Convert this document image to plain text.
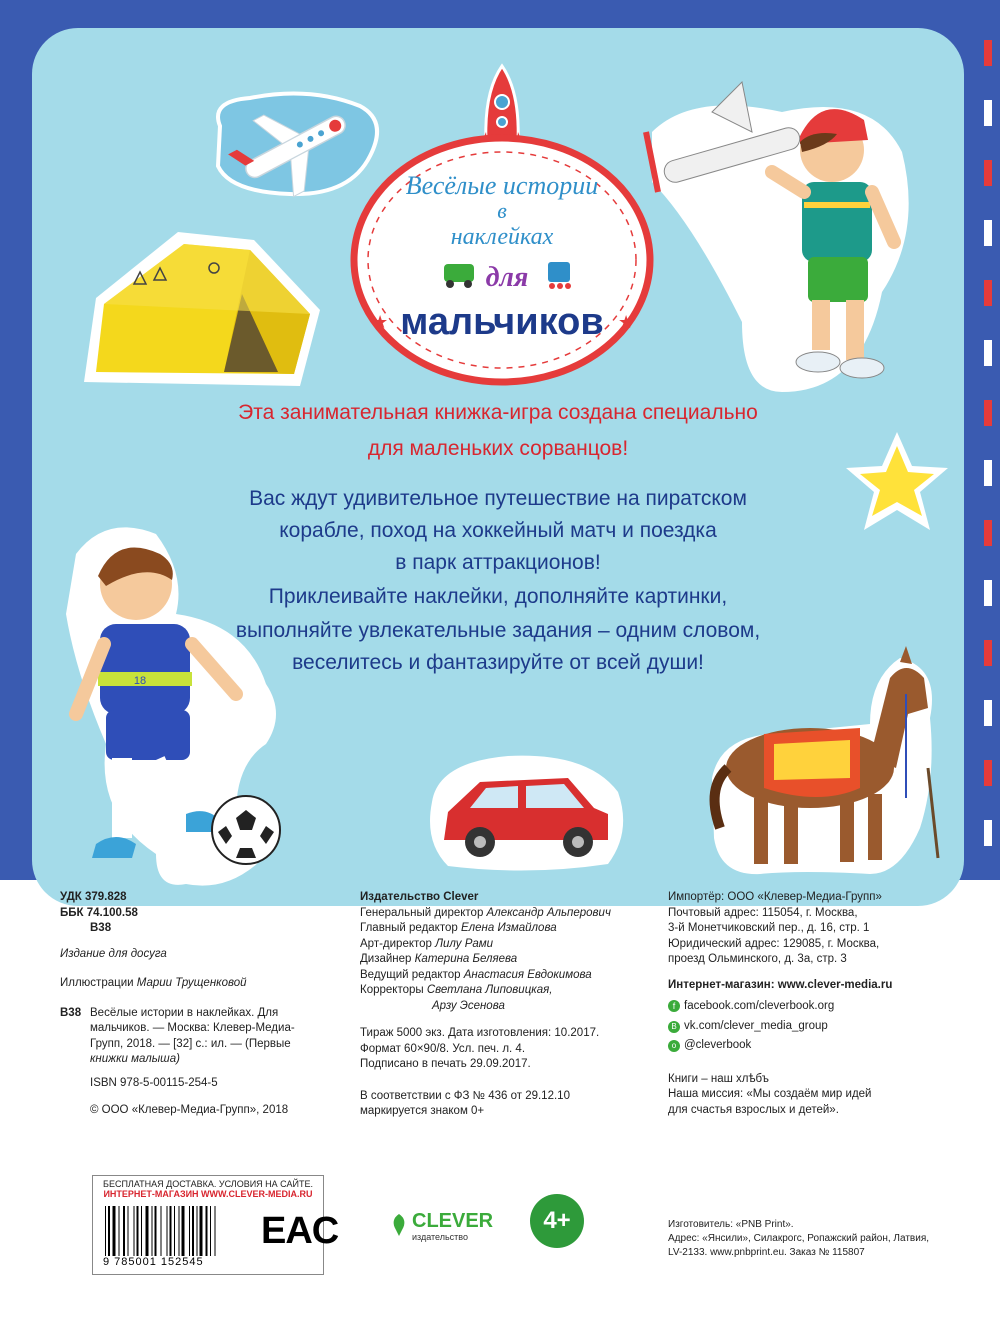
Весёлые истории
в
наклейках
для
мальчиков
★	★
Эта занимательная книжка-игра создана специально
для маленьких сорванцов!
Вас ждут удивительное путешествие на пиратском
корабле, поход на хоккейный матч и поездка
в парк аттракционов!
Приклеивайте наклейки, дополняйте картинки,
выполняйте увлекательные задания – одним словом,
веселитесь и фантазируйте от всей души!
18
УДК 379.828
ББК 74.100.58
В38
Издание для досуга
Иллюстрации Марии Трущенковой
В38 Весёлые истории в наклейках. Для
мальчиков. — Москва: Клевер-Медиа-
Групп, 2018. — [32] с.: ил. — (Первые
книжки малыша)
ISBN 978-5-00115-254-5
© ООО «Клевер-Медиа-Групп», 2018
Издательство Clever
Генеральный директор Александр Альперович
Главный редактор Елена Измайлова
Арт-директор Лилу Рами
Дизайнер Катерина Беляева
Ведущий редактор Анастасия Евдокимова
Корректоры Светлана Липовицкая,
Арзу Эсенова
Тираж 5000 экз. Дата изготовления: 10.2017.
Формат 60×90/8. Усл. печ. л. 4.
Подписано в печать 29.09.2017.
В соответствии с ФЗ № 436 от 29.12.10
маркируется знаком 0+
Импортёр: ООО «Клевер-Медиа-Групп»
Почтовый адрес: 115054, г. Москва,
3-й Монетчиковский пер., д. 16, стр. 1
Юридический адрес: 129085, г. Москва,
проезд Ольминского, д. 3а, стр. 3
Интернет-магазин: www.clever-media.ru
f facebook.com/cleverbook.org
B vk.com/clever_media_group
o @cleverbook
Книги – наш хлѣбъ
Наша миссия: «Мы создаём мир идей
для счастья взрослых и детей».
Изготовитель: «PNB Print».
Адрес: «Янсили», Силакрогс, Ропажский район, Латвия,
LV-2133. www.pnbprint.eu. Заказ № 115807
БЕСПЛАТНАЯ ДОСТАВКА. УСЛОВИЯ НА САЙТЕ.
ИНТЕРНЕТ-МАГАЗИН WWW.CLEVER-MEDIA.RU
9 785001 152545
EAC	CLEVER
издательство
4+
